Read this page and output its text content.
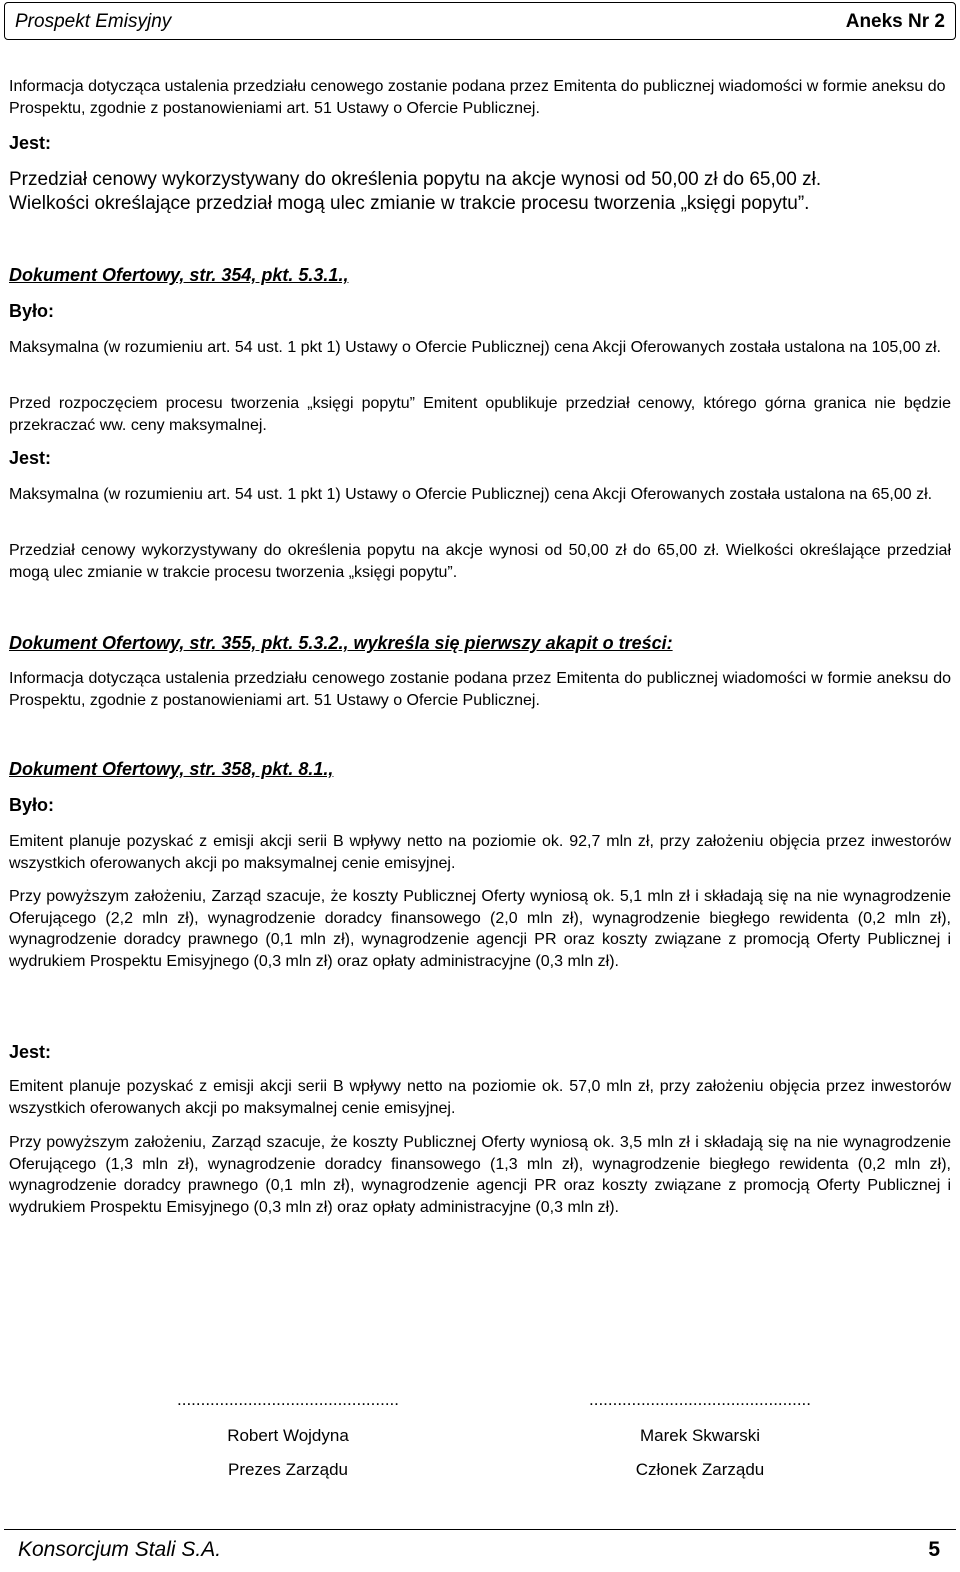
Prospekt Emisyjny	Aneks Nr 2

Informacja dotycząca ustalenia przedziału cenowego zostanie podana przez Emitenta do publicznej wiadomości w formie aneksu do Prospektu, zgodnie z postanowieniami art. 51 Ustawy o Ofercie Publicznej.

Jest:

Przedział cenowy wykorzystywany do określenia popytu na akcje wynosi od 50,00 zł do 65,00 zł.

Wielkości określające przedział mogą ulec zmianie w trakcie procesu tworzenia „księgi popytu”.

Dokument Ofertowy, str. 354, pkt. 5.3.1.,

Było:

Maksymalna (w rozumieniu art. 54 ust. 1 pkt 1) Ustawy o Ofercie Publicznej) cena Akcji Oferowanych została ustalona na 105,00 zł.

Przed rozpoczęciem procesu tworzenia „księgi popytu” Emitent opublikuje przedział cenowy, którego górna granica nie będzie przekraczać ww. ceny maksymalnej.

Jest:

Maksymalna (w rozumieniu art. 54 ust. 1 pkt 1) Ustawy o Ofercie Publicznej) cena Akcji Oferowanych została ustalona na 65,00 zł.

Przedział cenowy wykorzystywany do określenia popytu na akcje wynosi od 50,00 zł do 65,00 zł. Wielkości określające przedział mogą ulec zmianie w trakcie procesu tworzenia „księgi popytu”.

Dokument Ofertowy, str. 355, pkt. 5.3.2., wykreśla się pierwszy akapit o treści:

Informacja dotycząca ustalenia przedziału cenowego zostanie podana przez Emitenta do publicznej wiadomości w formie aneksu do Prospektu, zgodnie z postanowieniami art. 51 Ustawy o Ofercie Publicznej.

Dokument Ofertowy, str. 358, pkt. 8.1.,

Było:

Emitent planuje pozyskać z emisji akcji serii B wpływy netto na poziomie ok. 92,7 mln zł, przy założeniu objęcia przez inwestorów wszystkich oferowanych akcji po maksymalnej cenie emisyjnej.

Przy powyższym założeniu, Zarząd szacuje, że koszty Publicznej Oferty wyniosą ok. 5,1 mln zł i składają się na nie wynagrodzenie Oferującego (2,2 mln zł), wynagrodzenie doradcy finansowego (2,0 mln zł), wynagrodzenie biegłego rewidenta (0,2 mln zł), wynagrodzenie doradcy prawnego (0,1 mln zł), wynagrodzenie agencji PR oraz koszty związane z promocją Oferty Publicznej i wydrukiem Prospektu Emisyjnego (0,3 mln zł) oraz opłaty administracyjne (0,3 mln zł).

Jest:

Emitent planuje pozyskać z emisji akcji serii B wpływy netto na poziomie ok. 57,0 mln zł, przy założeniu objęcia przez inwestorów wszystkich oferowanych akcji po maksymalnej cenie emisyjnej.

Przy powyższym założeniu, Zarząd szacuje, że koszty Publicznej Oferty wyniosą ok. 3,5 mln zł i składają się na nie wynagrodzenie Oferującego (1,3 mln zł), wynagrodzenie doradcy finansowego (1,3 mln zł), wynagrodzenie biegłego rewidenta (0,2 mln zł), wynagrodzenie doradcy prawnego (0,1 mln zł), wynagrodzenie agencji PR oraz koszty związane z promocją Oferty Publicznej i wydrukiem Prospektu Emisyjnego (0,3 mln zł) oraz opłaty administracyjne (0,3 mln zł).

...............................................
Robert Wojdyna
Prezes Zarządu
...............................................
Marek Skwarski
Członek Zarządu
Konsorcjum Stali S.A.	5
